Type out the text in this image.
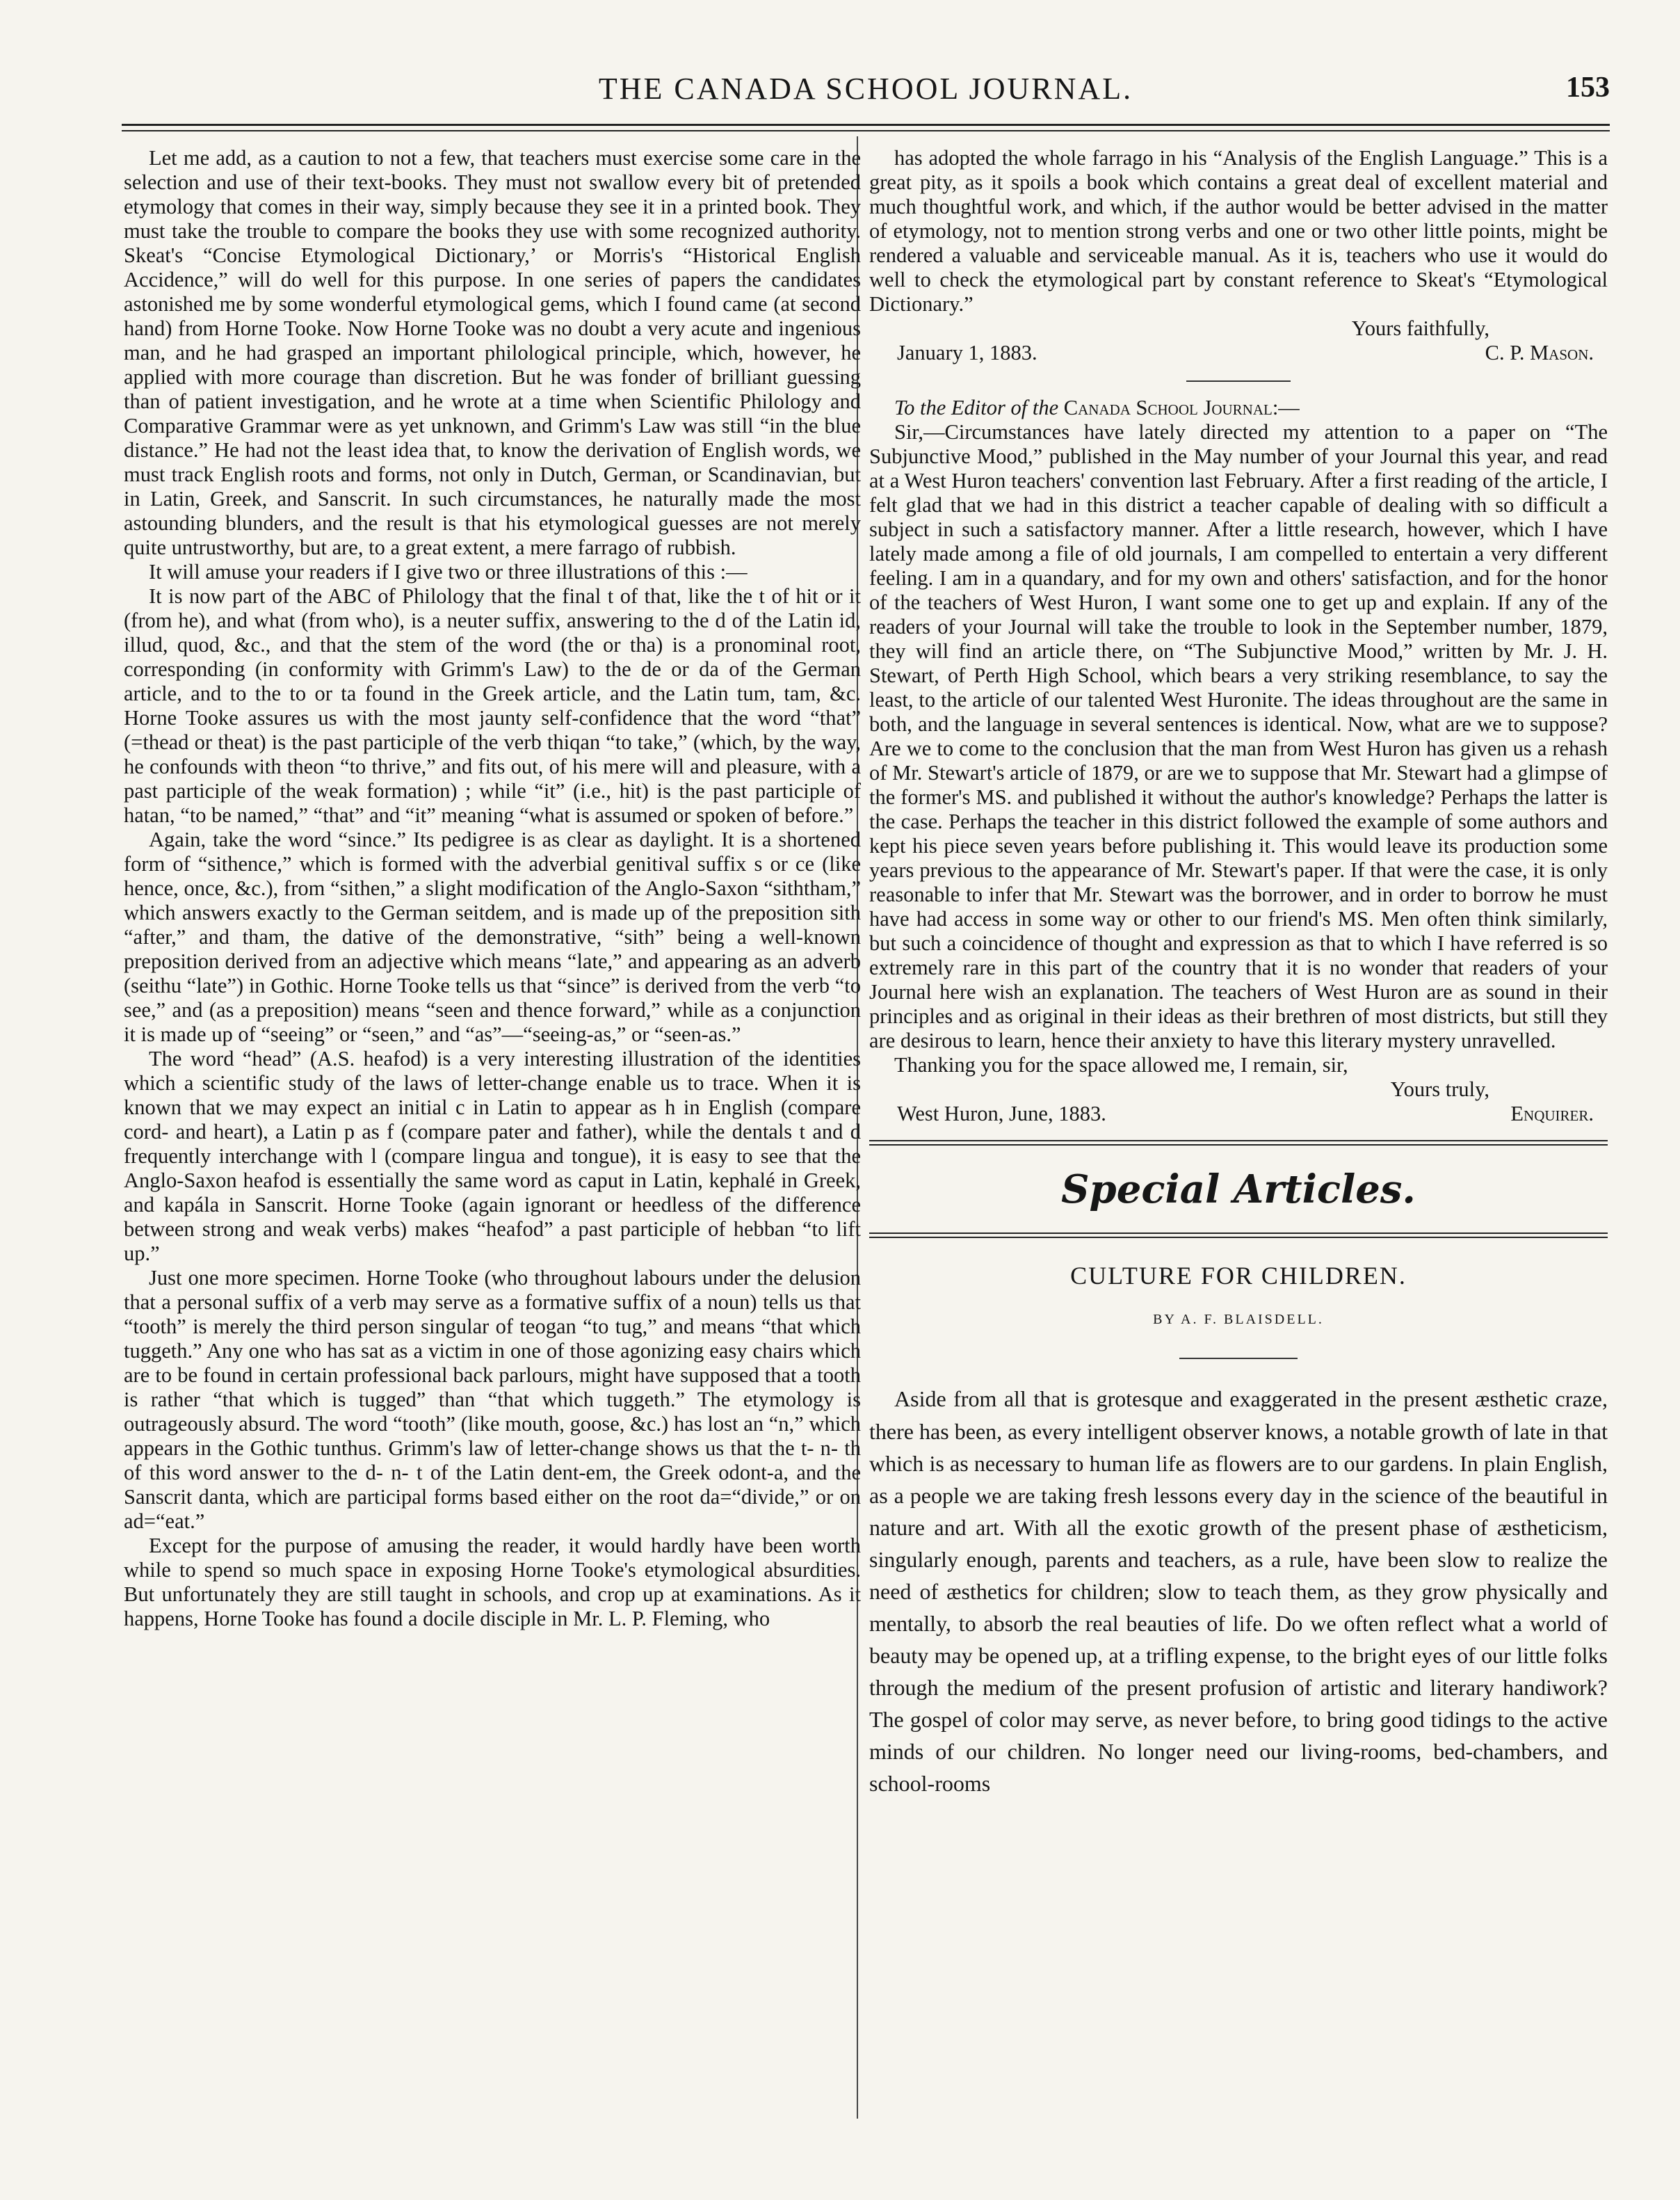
THE CANADA SCHOOL JOURNAL.	153

Let me add, as a caution to not a few, that teachers must exercise some care in the selection and use of their text-books. They must not swallow every bit of pretended etymology that comes in their way, simply because they see it in a printed book. They must take the trouble to compare the books they use with some recognized authority. Skeat's “Concise Etymological Dictionary,’ or Morris's “Historical English Accidence,” will do well for this purpose. In one series of papers the candidates astonished me by some wonderful etymological gems, which I found came (at second hand) from Horne Tooke. Now Horne Tooke was no doubt a very acute and ingenious man, and he had grasped an important philological principle, which, however, he applied with more courage than discretion. But he was fonder of brilliant guessing than of patient investigation, and he wrote at a time when Scientific Philology and Comparative Grammar were as yet unknown, and Grimm's Law was still “in the blue distance.” He had not the least idea that, to know the derivation of English words, we must track English roots and forms, not only in Dutch, German, or Scandinavian, but in Latin, Greek, and Sanscrit. In such circumstances, he naturally made the most astounding blunders, and the result is that his etymological guesses are not merely quite untrustworthy, but are, to a great extent, a mere farrago of rubbish.

It will amuse your readers if I give two or three illustrations of this :—

It is now part of the ABC of Philology that the final t of that, like the t of hit or it (from he), and what (from who), is a neuter suffix, answering to the d of the Latin id, illud, quod, &c., and that the stem of the word (the or tha) is a pronominal root, corresponding (in conformity with Grimm's Law) to the de or da of the German article, and to the to or ta found in the Greek article, and the Latin tum, tam, &c. Horne Tooke assures us with the most jaunty self-confidence that the word “that” (=thead or theat) is the past participle of the verb thiqan “to take,” (which, by the way, he confounds with theon “to thrive,” and fits out, of his mere will and pleasure, with a past participle of the weak formation) ; while “it” (i.e., hit) is the past participle of hatan, “to be named,” “that” and “it” meaning “what is assumed or spoken of before.”

Again, take the word “since.” Its pedigree is as clear as daylight. It is a shortened form of “sithence,” which is formed with the adverbial genitival suffix s or ce (like hence, once, &c.), from “sithen,” a slight modification of the Anglo-Saxon “siththam,” which answers exactly to the German seitdem, and is made up of the preposition sith “after,” and tham, the dative of the demonstrative, “sith” being a well-known preposition derived from an adjective which means “late,” and appearing as an adverb (seithu “late”) in Gothic. Horne Tooke tells us that “since” is derived from the verb “to see,” and (as a preposition) means “seen and thence forward,” while as a conjunction it is made up of “seeing” or “seen,” and “as”—“seeing-as,” or “seen-as.”

The word “head” (A.S. heafod) is a very interesting illustration of the identities which a scientific study of the laws of letter-change enable us to trace. When it is known that we may expect an initial c in Latin to appear as h in English (compare cord- and heart), a Latin p as f (compare pater and father), while the dentals t and d frequently interchange with l (compare lingua and tongue), it is easy to see that the Anglo-Saxon heafod is essentially the same word as caput in Latin, kephalé in Greek, and kapála in Sanscrit. Horne Tooke (again ignorant or heedless of the difference between strong and weak verbs) makes “heafod” a past participle of hebban “to lift up.”

Just one more specimen. Horne Tooke (who throughout labours under the delusion that a personal suffix of a verb may serve as a formative suffix of a noun) tells us that “tooth” is merely the third person singular of teogan “to tug,” and means “that which tuggeth.” Any one who has sat as a victim in one of those agonizing easy chairs which are to be found in certain professional back parlours, might have supposed that a tooth is rather “that which is tugged” than “that which tuggeth.” The etymology is outrageously absurd. The word “tooth” (like mouth, goose, &c.) has lost an “n,” which appears in the Gothic tunthus. Grimm's law of letter-change shows us that the t- n- th of this word answer to the d- n- t of the Latin dent-em, the Greek odont-a, and the Sanscrit danta, which are participal forms based either on the root da=“divide,” or on ad=“eat.”

Except for the purpose of amusing the reader, it would hardly have been worth while to spend so much space in exposing Horne Tooke's etymological absurdities. But unfortunately they are still taught in schools, and crop up at examinations. As it happens, Horne Tooke has found a docile disciple in Mr. L. P. Fleming, who

has adopted the whole farrago in his “Analysis of the English Language.” This is a great pity, as it spoils a book which contains a great deal of excellent material and much thoughtful work, and which, if the author would be better advised in the matter of etymology, not to mention strong verbs and one or two other little points, might be rendered a valuable and serviceable manual. As it is, teachers who use it would do well to check the etymological part by constant reference to Skeat's “Etymological Dictionary.”

Yours faithfully,

January 1, 1883.	C. P. Mason.

To the Editor of the Canada School Journal:—

Sir,—Circumstances have lately directed my attention to a paper on “The Subjunctive Mood,” published in the May number of your Journal this year, and read at a West Huron teachers' convention last February. After a first reading of the article, I felt glad that we had in this district a teacher capable of dealing with so difficult a subject in such a satisfactory manner. After a little research, however, which I have lately made among a file of old journals, I am compelled to entertain a very different feeling. I am in a quandary, and for my own and others' satisfaction, and for the honor of the teachers of West Huron, I want some one to get up and explain. If any of the readers of your Journal will take the trouble to look in the September number, 1879, they will find an article there, on “The Subjunctive Mood,” written by Mr. J. H. Stewart, of Perth High School, which bears a very striking resemblance, to say the least, to the article of our talented West Huronite. The ideas throughout are the same in both, and the language in several sentences is identical. Now, what are we to suppose? Are we to come to the conclusion that the man from West Huron has given us a rehash of Mr. Stewart's article of 1879, or are we to suppose that Mr. Stewart had a glimpse of the former's MS. and published it without the author's knowledge? Perhaps the latter is the case. Perhaps the teacher in this district followed the example of some authors and kept his piece seven years before publishing it. This would leave its production some years previous to the appearance of Mr. Stewart's paper. If that were the case, it is only reasonable to infer that Mr. Stewart was the borrower, and in order to borrow he must have had access in some way or other to our friend's MS. Men often think similarly, but such a coincidence of thought and expression as that to which I have referred is so extremely rare in this part of the country that it is no wonder that readers of your Journal here wish an explanation. The teachers of West Huron are as sound in their principles and as original in their ideas as their brethren of most districts, but still they are desirous to learn, hence their anxiety to have this literary mystery unravelled.

Thanking you for the space allowed me, I remain, sir,

Yours truly,

West Huron, June, 1883.	Enquirer.
Special Articles.
CULTURE FOR CHILDREN.
BY A. F. BLAISDELL.

Aside from all that is grotesque and exaggerated in the present æsthetic craze, there has been, as every intelligent observer knows, a notable growth of late in that which is as necessary to human life as flowers are to our gardens. In plain English, as a people we are taking fresh lessons every day in the science of the beautiful in nature and art. With all the exotic growth of the present phase of æstheticism, singularly enough, parents and teachers, as a rule, have been slow to realize the need of æsthetics for children; slow to teach them, as they grow physically and mentally, to absorb the real beauties of life. Do we often reflect what a world of beauty may be opened up, at a trifling expense, to the bright eyes of our little folks through the medium of the present profusion of artistic and literary handiwork? The gospel of color may serve, as never before, to bring good tidings to the active minds of our children. No longer need our living-rooms, bed-chambers, and school-rooms
